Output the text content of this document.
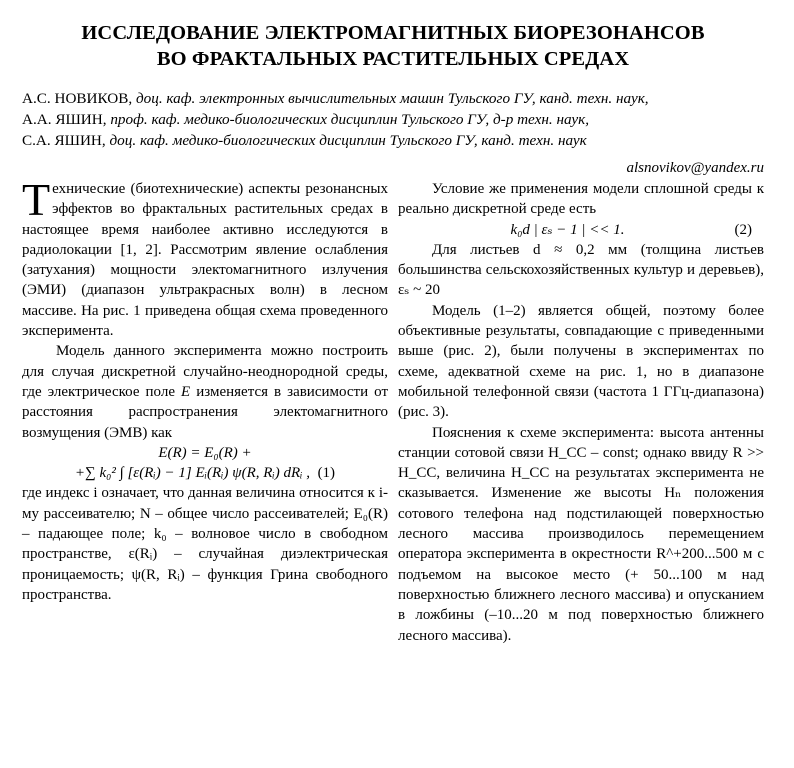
ИССЛЕДОВАНИЕ ЭЛЕКТРОМАГНИТНЫХ БИОРЕЗОНАНСОВ
ВО ФРАКТАЛЬНЫХ РАСТИТЕЛЬНЫХ СРЕДАХ
А.С. НОВИКОВ, доц. каф. электронных вычислительных машин Тульского ГУ, канд. техн. наук,
А.А. ЯШИН, проф. каф. медико-биологических дисциплин Тульского ГУ, д-р техн. наук,
С.А. ЯШИН, доц. каф. медико-биологических дисциплин Тульского ГУ, канд. техн. наук
alsnovikov@yandex.ru

Технические (биотехнические) аспекты резонансных эффектов во фрактальных растительных средах в настоящее время наиболее активно исследуются в радиолокации [1, 2]. Рассмотрим явление ослабления (затухания) мощности электомагнитного излучения (ЭМИ) (диапазон ультракрасных волн) в лесном массиве. На рис. 1 приведена общая схема проведенного эксперимента.

Модель данного эксперимента можно построить для случая дискретной случайно-неоднородной среды, где электрическое поле E изменяется в зависимости от расстояния распространения электомагнитного возмущения (ЭМВ) как

E(R) = E₀(R) +
+∑ k₀² ∫ [ε(Rᵢ) − 1] Eᵢ(Rᵢ) ψ(R, Rᵢ) dRᵢ , (1)

где индекс i означает, что данная величина относится к i-му рассеивателю; N – общее число рассеивателей; E₀(R) – падающее поле; k₀ – волновое число в свободном пространстве, ε(Rᵢ) – случайная диэлектрическая проницаемость; ψ(R, Rᵢ) – функция Грина свободного пространства.

Условие же применения модели сплошной среды к реально дискретной среде есть

k₀d | εₛ − 1 | << 1.	(2)

Для листьев d ≈ 0,2 мм (толщина листьев большинства сельскохозяйственных культур и деревьев), εₛ ~ 20

Модель (1–2) является общей, поэтому более объективные результаты, совпадающие с приведенными выше (рис. 2), были получены в экспериментах по схеме, адекватной схеме на рис. 1, но в диапазоне мобильной телефонной связи (частота 1 ГГц-диапазона) (рис. 3).

Пояснения к схеме эксперимента: высота антенны станции сотовой связи H_CC – const; однако ввиду R >> H_CC, величина H_CC на результатах эксперимента не сказывается. Изменение же высоты Hₙ положения сотового телефона над подстилающей поверхностью лесного массива производилось перемещением оператора эксперимента в окрестности R^+200...500 м с подъемом на высокое место (+ 50...100 м над поверхностью ближнего лесного массива) и опусканием в ложбины (–10...20 м под поверхностью ближнего лесного массива).
